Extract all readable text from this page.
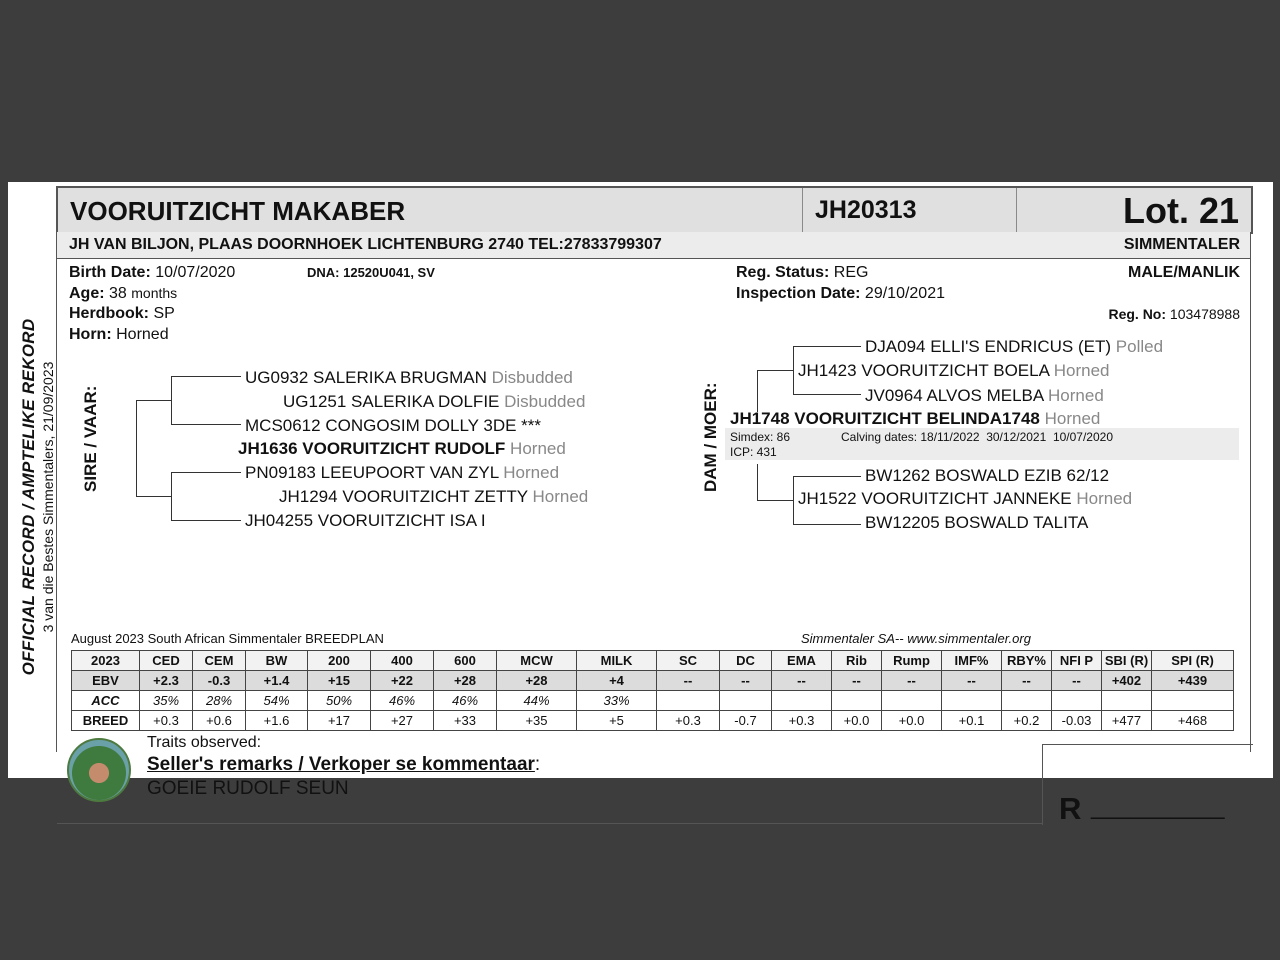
OFFICIAL RECORD / AMPTELIKE REKORD 3 van die Bestes Simmentalers, 21/09/2023
VOORUITZICHT MAKABER	JH20313	Lot. 21
JH VAN BILJON, PLAAS DOORNHOEK LICHTENBURG 2740 TEL:27833799307	SIMMENTALER
Birth Date: 10/07/2020	DNA: 12520U041, SV
Age: 38 months
Herdbook: SP
Horn: Horned
Reg. Status: REG
Inspection Date: 29/10/2021
MALE/MANLIK
Reg. No: 103478988
SIRE / VAAR:
UG0932 SALERIKA BRUGMAN Disbudded
UG1251 SALERIKA DOLFIE Disbudded
MCS0612 CONGOSIM DOLLY 3DE ***
JH1636 VOORUITZICHT RUDOLF Horned
PN09183 LEEUPOORT VAN ZYL Horned
JH1294 VOORUITZICHT ZETTY Horned
JH04255 VOORUITZICHT ISA I
DAM / MOER:
DJA094 ELLI'S ENDRICUS (ET) Polled
JH1423 VOORUITZICHT BOELA Horned
JV0964 ALVOS MELBA Horned
JH1748 VOORUITZICHT BELINDA1748 Horned
Simdex: 86	Calving dates: 18/11/2022  30/12/2021  10/07/2020
ICP: 431
BW1262 BOSWALD EZIB 62/12
JH1522 VOORUITZICHT JANNEKE Horned
BW12205 BOSWALD TALITA
August 2023 South African Simmentaler BREEDPLAN	Simmentaler SA-- www.simmentaler.org
2023	CED	CEM	BW	200	400	600	MCW	MILK	SC	DC	EMA	Rib	Rump	IMF%	RBY%	NFI P	SBI (R)	SPI (R)
EBV	+2.3	-0.3	+1.4	+15	+22	+28	+28	+4	--	--	--	--	--	--	--	--	+402	+439
ACC	35%	28%	54%	50%	46%	46%	44%	33%										
BREED	+0.3	+0.6	+1.6	+17	+27	+33	+35	+5	+0.3	-0.7	+0.3	+0.0	+0.0	+0.1	+0.2	-0.03	+477	+468
Traits observed:
Seller's remarks / Verkoper se kommentaar:
GOEIE RUDOLF SEUN
R __________
